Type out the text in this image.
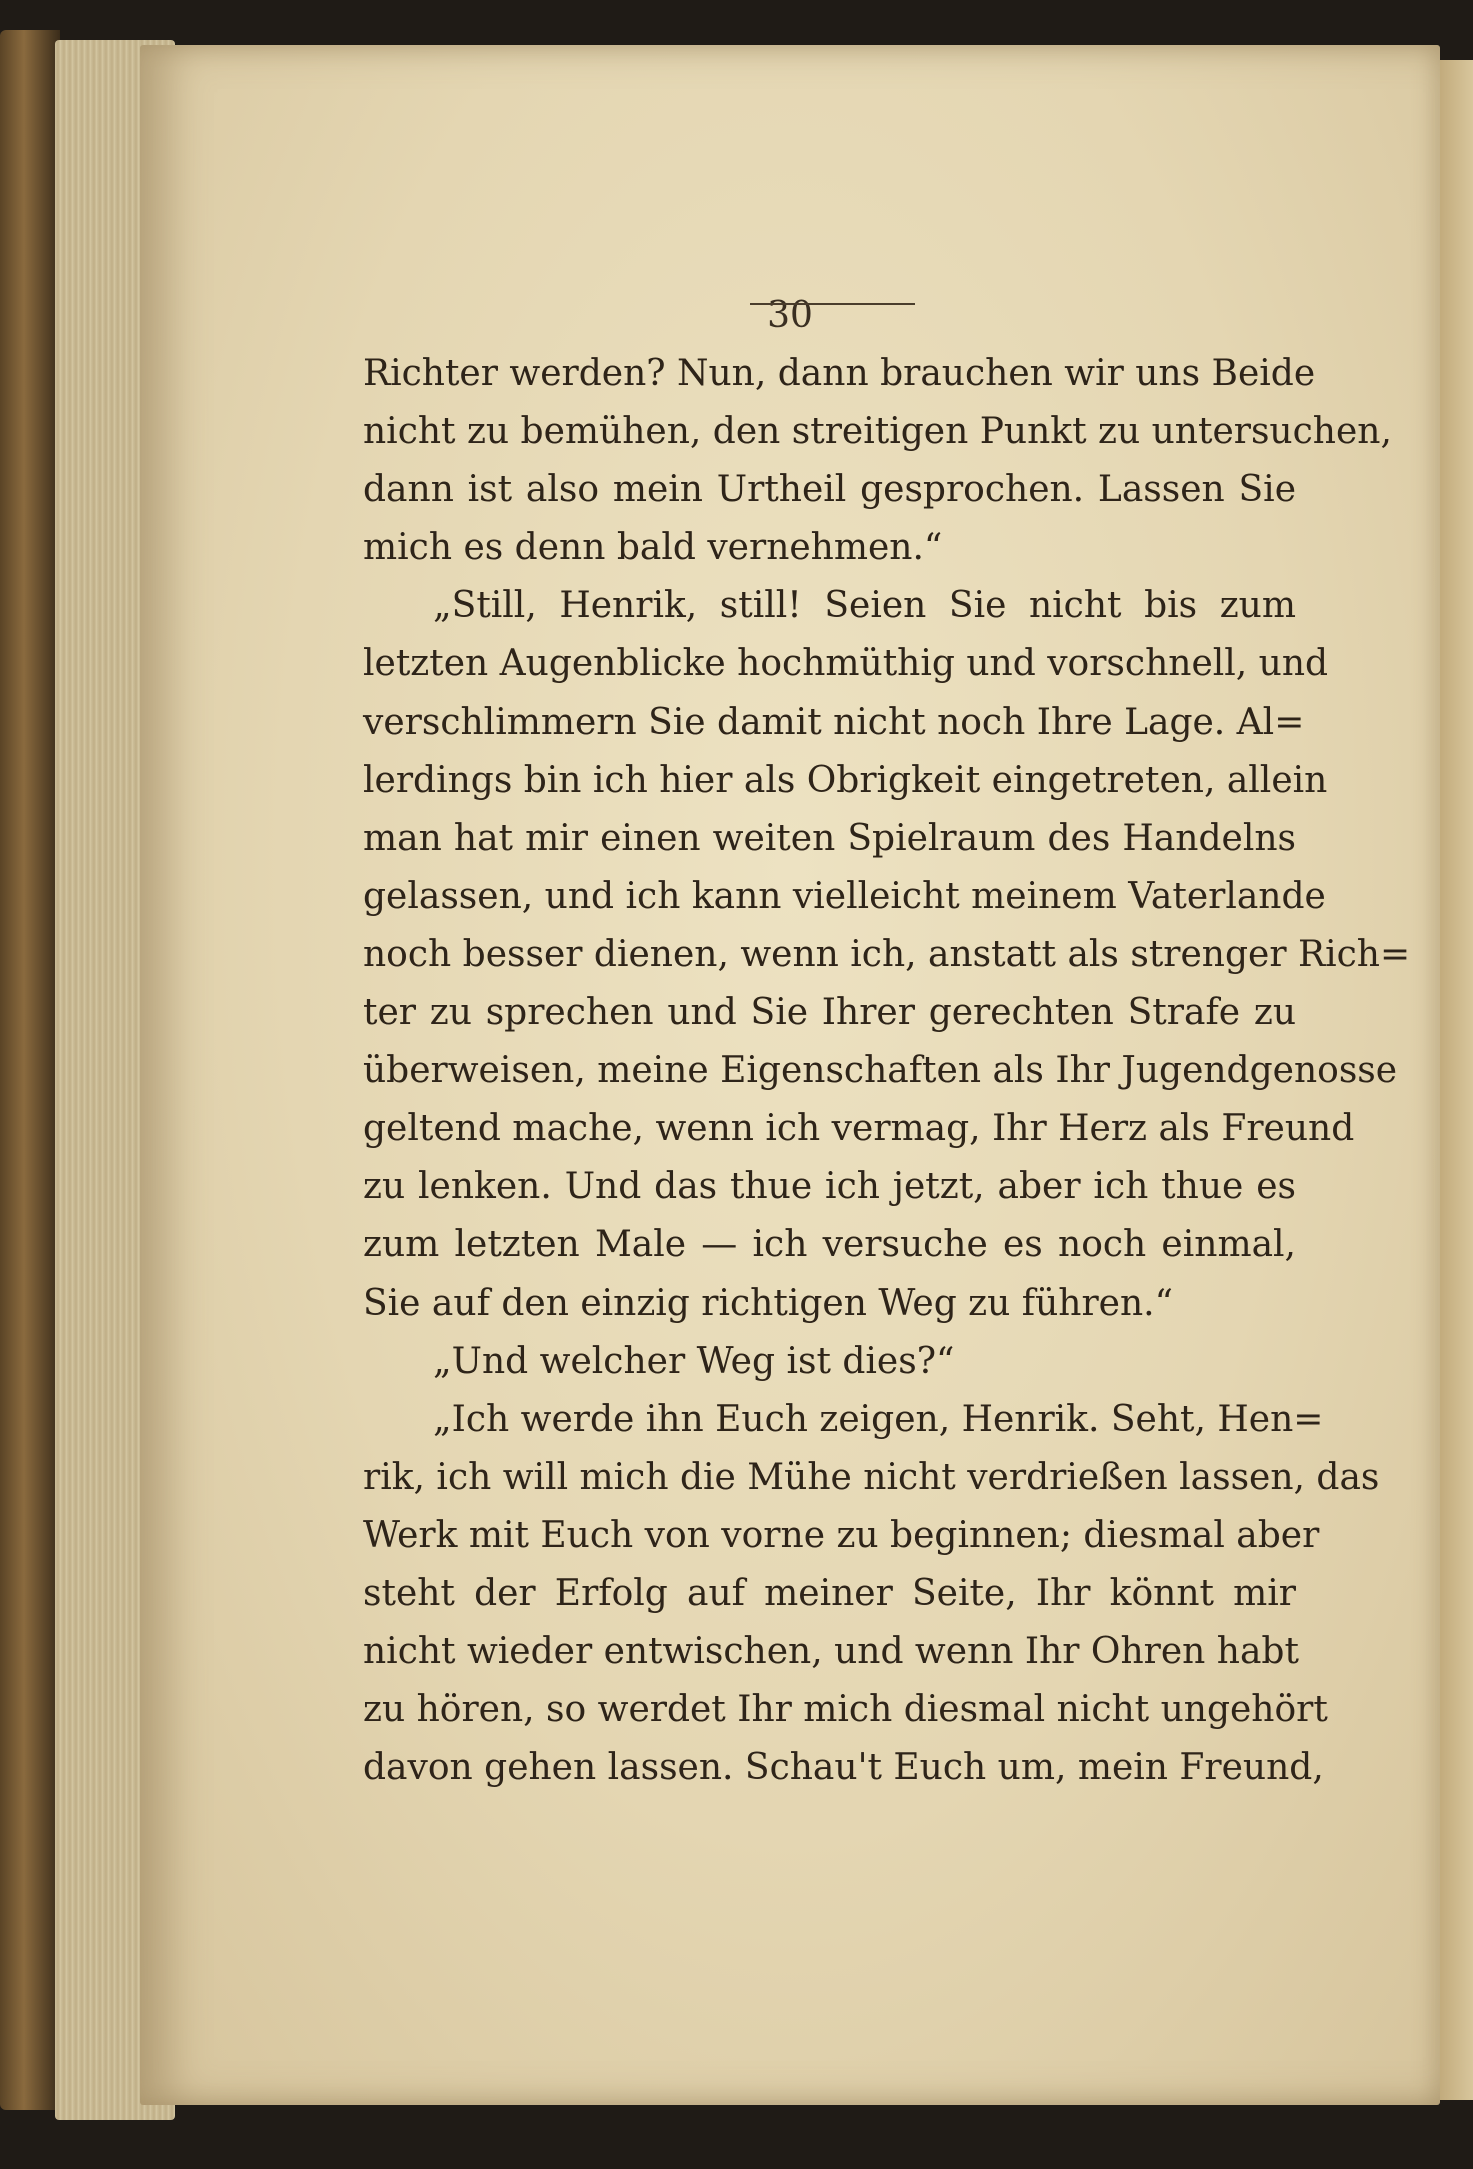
30
Richter werden? Nun, dann brauchen wir uns Beide
nicht zu bemühen, den streitigen Punkt zu untersuchen,
dann ist also mein Urtheil gesprochen. Lassen Sie
mich es denn bald vernehmen.“
„Still, Henrik, still! Seien Sie nicht bis zum
letzten Augenblicke hochmüthig und vorschnell, und
verschlimmern Sie damit nicht noch Ihre Lage. Al=
lerdings bin ich hier als Obrigkeit eingetreten, allein
man hat mir einen weiten Spielraum des Handelns
gelassen, und ich kann vielleicht meinem Vaterlande
noch besser dienen, wenn ich, anstatt als strenger Rich=
ter zu sprechen und Sie Ihrer gerechten Strafe zu
überweisen, meine Eigenschaften als Ihr Jugendgenosse
geltend mache, wenn ich vermag, Ihr Herz als Freund
zu lenken. Und das thue ich jetzt, aber ich thue es
zum letzten Male — ich versuche es noch einmal,
Sie auf den einzig richtigen Weg zu führen.“
„Und welcher Weg ist dies?“
„Ich werde ihn Euch zeigen, Henrik. Seht, Hen=
rik, ich will mich die Mühe nicht verdrießen lassen, das
Werk mit Euch von vorne zu beginnen; diesmal aber
steht der Erfolg auf meiner Seite, Ihr könnt mir
nicht wieder entwischen, und wenn Ihr Ohren habt
zu hören, so werdet Ihr mich diesmal nicht ungehört
davon gehen lassen. Schau't Euch um, mein Freund,
